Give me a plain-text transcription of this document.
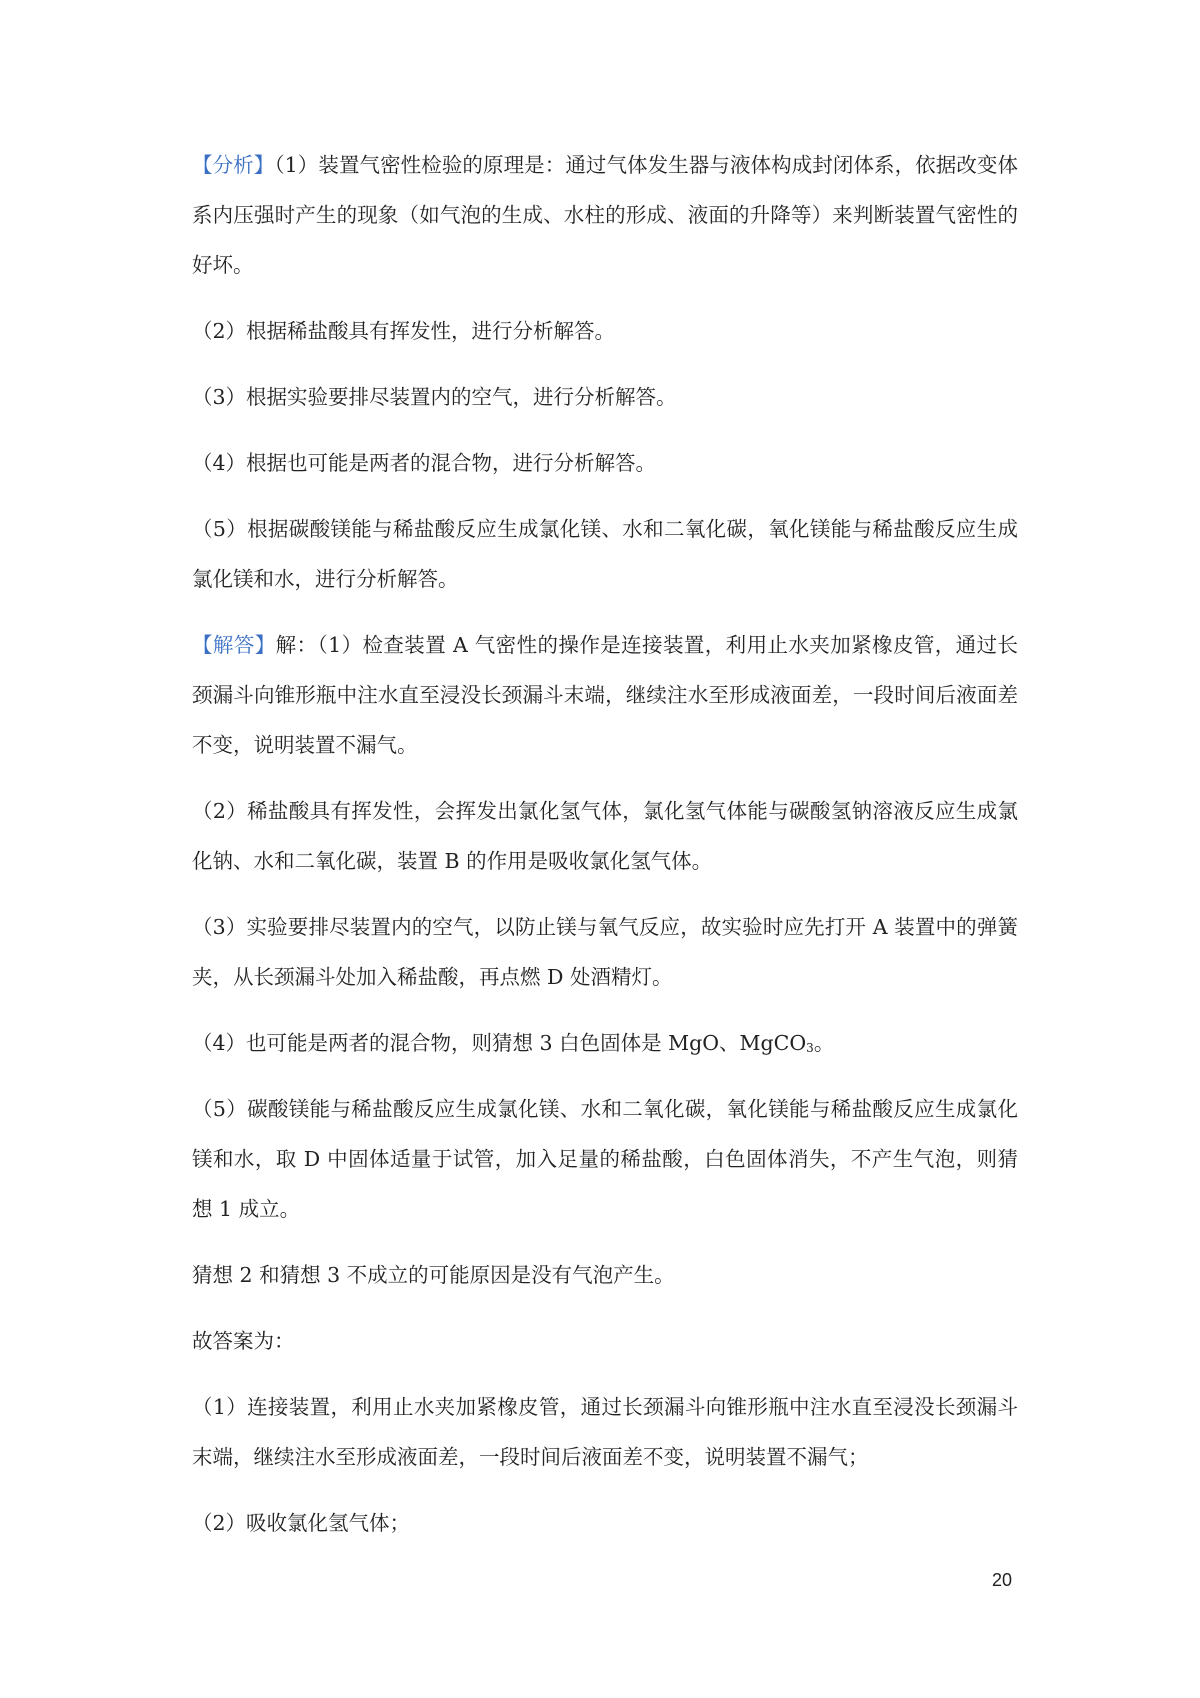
【分析】（1）装置气密性检验的原理是：通过气体发生器与液体构成封闭体系，依据改变体系内压强时产生的现象（如气泡的生成、水柱的形成、液面的升降等）来判断装置气密性的好坏。

（2）根据稀盐酸具有挥发性，进行分析解答。

（3）根据实验要排尽装置内的空气，进行分析解答。

（4）根据也可能是两者的混合物，进行分析解答。

（5）根据碳酸镁能与稀盐酸反应生成氯化镁、水和二氧化碳，氧化镁能与稀盐酸反应生成氯化镁和水，进行分析解答。

【解答】解：（1）检查装置 A 气密性的操作是连接装置，利用止水夹加紧橡皮管，通过长颈漏斗向锥形瓶中注水直至浸没长颈漏斗末端，继续注水至形成液面差，一段时间后液面差不变，说明装置不漏气。

（2）稀盐酸具有挥发性，会挥发出氯化氢气体，氯化氢气体能与碳酸氢钠溶液反应生成氯化钠、水和二氧化碳，装置 B 的作用是吸收氯化氢气体。

（3）实验要排尽装置内的空气，以防止镁与氧气反应，故实验时应先打开 A 装置中的弹簧夹，从长颈漏斗处加入稀盐酸，再点燃 D 处酒精灯。

（4）也可能是两者的混合物，则猜想 3 白色固体是 MgO、MgCO$_3$。

（5）碳酸镁能与稀盐酸反应生成氯化镁、水和二氧化碳，氧化镁能与稀盐酸反应生成氯化镁和水，取 D 中固体适量于试管，加入足量的稀盐酸，白色固体消失，不产生气泡，则猜想 1 成立。

猜想 2 和猜想 3 不成立的可能原因是没有气泡产生。

故答案为：

（1）连接装置，利用止水夹加紧橡皮管，通过长颈漏斗向锥形瓶中注水直至浸没长颈漏斗末端，继续注水至形成液面差，一段时间后液面差不变，说明装置不漏气；

（2）吸收氯化氢气体；

20
